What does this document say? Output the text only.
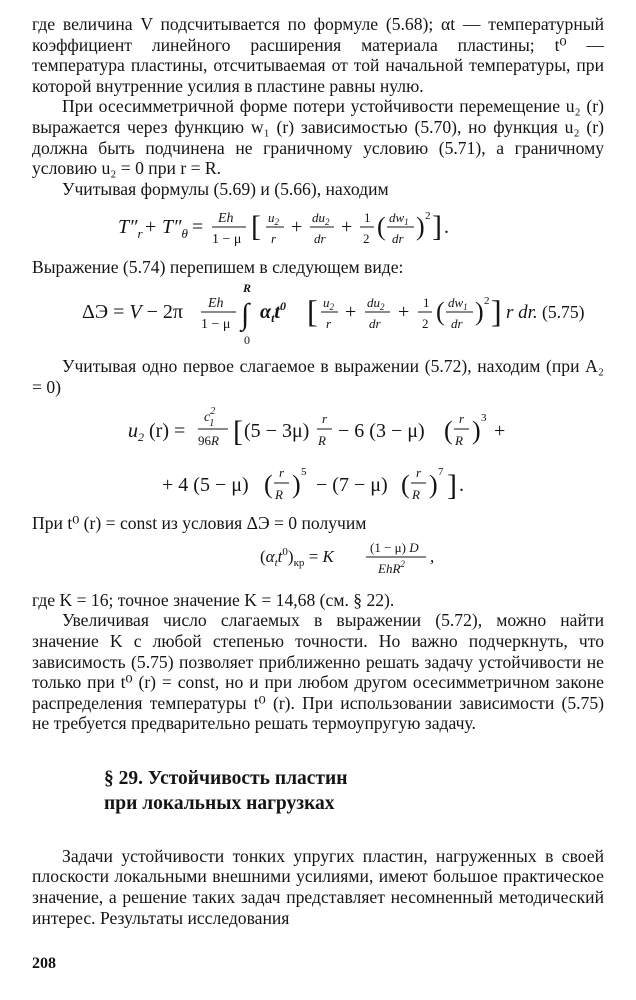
где величина V подсчитывается по формуле (5.68); αt — температурный коэффициент линейного расширения материала пластины; t⁰ — температура пластины, отсчитываемая от той начальной температуры, при которой внутренние усилия в пластине равны нулю.

При осесимметричной форме потери устойчивости перемещение u₂ (r) выражается через функцию w₁ (r) зависимостью (5.70), но функция u₂ (r) должна быть подчинена не граничному условию (5.71), а граничному условию u₂ = 0 при r = R.

Учитывая формулы (5.69) и (5.66), находим

$T''_r + T''_\theta = Eh$
1 − μ [ $u_2$
r
+ $du_2$
dr
+ 1
2 ( $dw_1$
dr ) 2 ] .

Выражение (5.74) перепишем в следующем виде:

ΔЭ = V − 2π Eh
1 − μ
R
∫
0
$\alpha_tt^0$ [ $u_2$
r
+ $du_2$
dr
+ 1
2 ( $dw_1$
dr ) 2 ] r dr. (5.75)

Учитывая одно первое слагаемое в выражении (5.72), находим (при A₂ = 0)

$u_2$ (r) =
$c^2$ 1
96R [ (5 − 3μ)
r
R − 6 (3 − μ) ( r
R ) 3
+
+ 4 (5 − μ) ( r
R ) 5
− (7 − μ) ( r
R ) 7 ] .

При t⁰ (r) = const из условия ΔЭ = 0 получим

$(\alpha_tt^0)_{кр} = K$	(1 − μ) D
EhR$^2$ ,

где K = 16; точное значение K = 14,68 (см. § 22).

Увеличивая число слагаемых в выражении (5.72), можно найти значение K с любой степенью точности. Но важно подчеркнуть, что зависимость (5.75) позволяет приближенно решать задачу устойчивости не только при t⁰ (r) = const, но и при любом другом осесимметричном законе распределения температуры t⁰ (r). При использовании зависимости (5.75) не требуется предварительно решать термоупругую задачу.

§ 29. Устойчивость пластин
при локальных нагрузках

Задачи устойчивости тонких упругих пластин, нагруженных в своей плоскости локальными внешними усилиями, имеют большое практическое значение, а решение таких задач представляет несомненный методический интерес. Результаты исследования

208
